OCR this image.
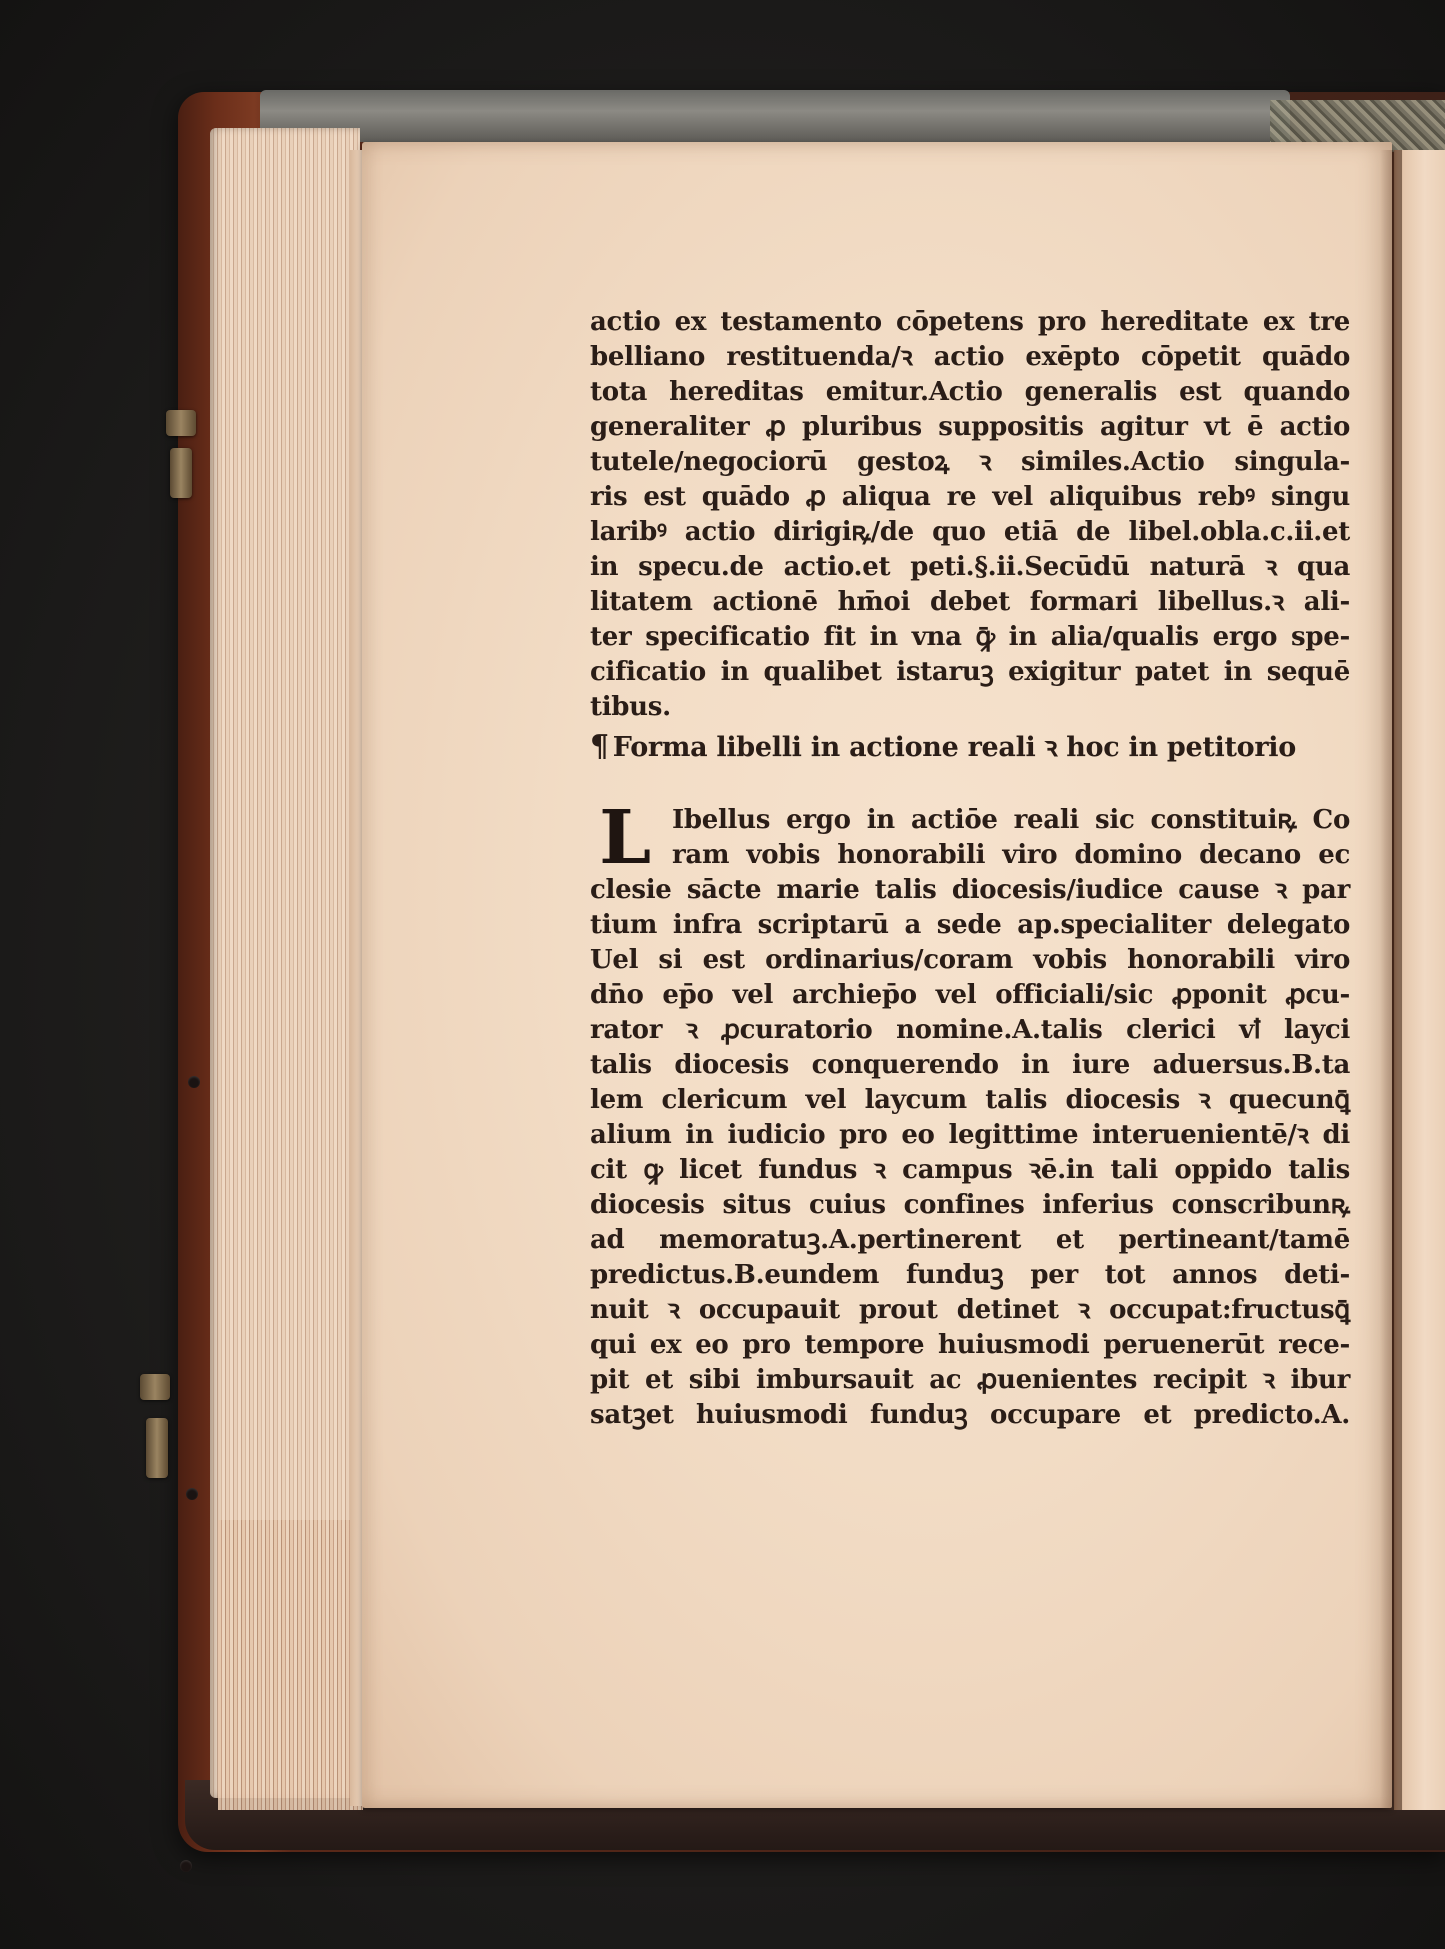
actio ex testamento cōpetens pro hereditate ex tre
belliano restituenda/ꝛ actio exēpto cōpetit quādo
tota hereditas emitur.Actio generalis est quando
generaliter ꝓ pluribus suppositis agitur vt ē actio
tutele/negociorū gestoꝝ ꝛ similes.Actio singula-
ris est quādo ꝓ aliqua re vel aliquibus rebꝰ singu
laribꝰ actio dirigiꝶ/de quo etiā de libel.obla.c.ii.et
in specu.de actio.et peti.§.ii.Secūdū naturā ꝛ qua
litatem actionē hm̄oi debet formari libellus.ꝛ ali-
ter specificatio fit in vna ꝙ̄ in alia/qualis ergo spe-
cificatio in qualibet istaruꝫ exigitur patet in sequē
tibus.
¶ Forma libelli in actione reali ꝛ hoc in petitorio
L Ibellus ergo in actiōe reali sic constituiꝶ Co
ram vobis honorabili viro domino decano ec
clesie sācte marie talis diocesis/iudice cause ꝛ par
tium infra scriptarū a sede ap.specialiter delegato
Uel si est ordinarius/coram vobis honorabili viro
dn̄o ep̄o vel archiep̄o vel officiali/sic ꝓponit ꝓcu-
rator ꝛ ꝓcuratorio nomine.A.talis clerici vꝉ layci
talis diocesis conquerendo in iure aduersus.B.ta
lem clericum vel laycum talis diocesis ꝛ quecunꝗ̄
alium in iudicio pro eo legittime interuenientē/ꝛ di
cit ꝙ licet fundus ꝛ campus ꝛē.in tali oppido talis
diocesis situs cuius confines inferius conscribunꝶ
ad memoratuꝫ.A.pertinerent et pertineant/tamē
predictus.B.eundem funduꝫ per tot annos deti-
nuit ꝛ occupauit prout detinet ꝛ occupat:fructusꝗ̄
qui ex eo pro tempore huiusmodi peruenerūt rece-
pit et sibi imbursauit ac ꝓuenientes recipit ꝛ ibur
satꝫet huiusmodi funduꝫ occupare et predicto.A.
